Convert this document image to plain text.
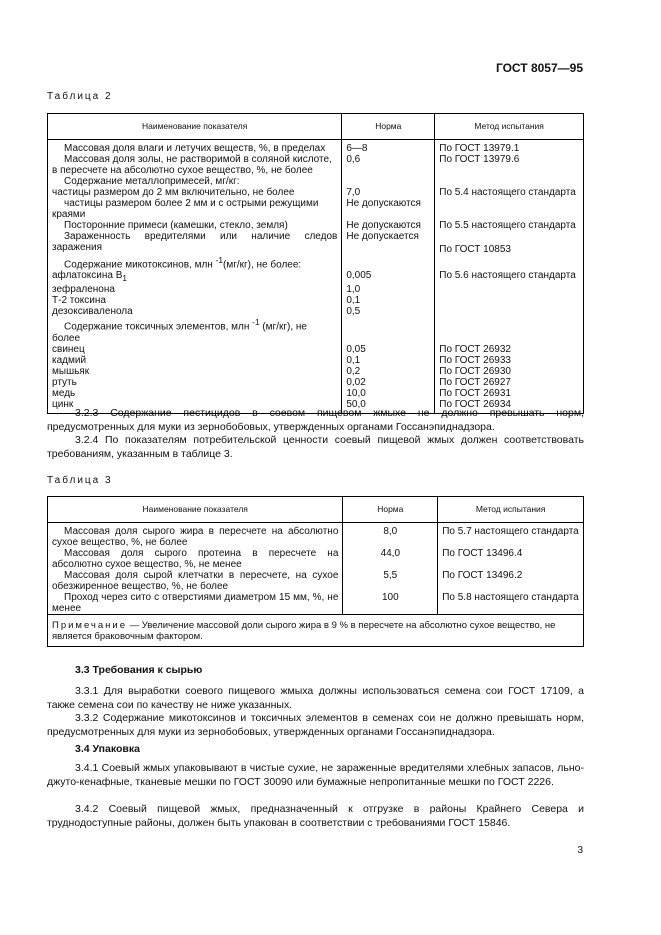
ГОСТ 8057—95
Таблица 2
Наименование показателя	Норма	Метод испытания
Массовая доля влаги и летучих веществ, %, в пределах	6—8	По ГОСТ 13979.1
Массовая доля золы, не растворимой в соляной кислоте, в пересчете на абсолютно сухое вещество, %, не более	0,6	По ГОСТ 13979.6
Содержание металлопримесей, мг/кг:		
частицы размером до 2 мм включительно, не более	7,0	По 5.4 настоящего стандарта
частицы размером более 2 мм и с острыми режущими краями	Не допускаются	
Посторонние примеси (камешки, стекло, земля)	Не допускаются	По 5.5 настоящего стандарта
Зараженность вредителями или наличие следов заражения	Не допускается	По ГОСТ 10853
Содержание микотоксинов, млн $^{-1}$(мг/кг), не более:		
афлатоксина $B_1$	0,005	По 5.6 настоящего стандарта
зефраленона	1,0	
Т-2 токсина	0,1	
дезоксиваленола	0,5	
Содержание токсичных элементов, млн $^{-1}$ (мг/кг), не более		
свинец	0,05	По ГОСТ 26932
кадмий	0,1	По ГОСТ 26933
мышьяк	0,2	По ГОСТ 26930
ртуть	0,02	По ГОСТ 26927
медь	10,0	По ГОСТ 26931
цинк	50,0	По ГОСТ 26934
3.2.3 Содержание пестицидов в соевом пищевом жмыхе не должно превышать норм, предусмотренных для муки из зернобобовых, утвержденных органами Госсанэпиднадзора.
3.2.4 По показателям потребительской ценности соевый пищевой жмых должен соответствовать требованиям, указанным в таблице 3.
Таблица 3
Наименование показателя	Норма	Метод испытания
Массовая доля сырого жира в пересчете на абсолютно сухое вещество, %, не более	8,0	По 5.7 настоящего стандарта
Массовая доля сырого протеина в пересчете на абсолютно сухое вещество, %, не менее	44,0	По ГОСТ 13496.4
Массовая доля сырой клетчатки в пересчете, на сухое обезжиренное вещество, %, не более	5,5	По ГОСТ 13496.2
Проход через сито с отверстиями диаметром 15 мм, %, не менее	100	По 5.8 настоящего стандарта
Примечание — Увеличение массовой доли сырого жира в 9 % в пересчете на абсолютно сухое вещество, не является браковочным фактором.		
3.3 Требования к сырью
3.3.1 Для выработки соевого пищевого жмыха должны использоваться семена сои ГОСТ 17109, а также семена сои по качеству не ниже указанных.
3.3.2 Содержание микотоксинов и токсичных элементов в семенах сои не должно превышать норм, предусмотренных для муки из зернобобовых, утвержденных органами Госсанэпиднадзора.
3.4 Упаковка
3.4.1 Соевый жмых упаковывают в чистые сухие, не зараженные вредителями хлебных запасов, льно-джуто-кенафные, тканевые мешки по ГОСТ 30090 или бумажные непропитанные мешки по ГОСТ 2226.
3.4.2 Соевый пищевой жмых, предназначенный к отгрузке в районы Крайнего Севера и труднодоступные районы, должен быть упакован в соответствии с требованиями ГОСТ 15846.
3
